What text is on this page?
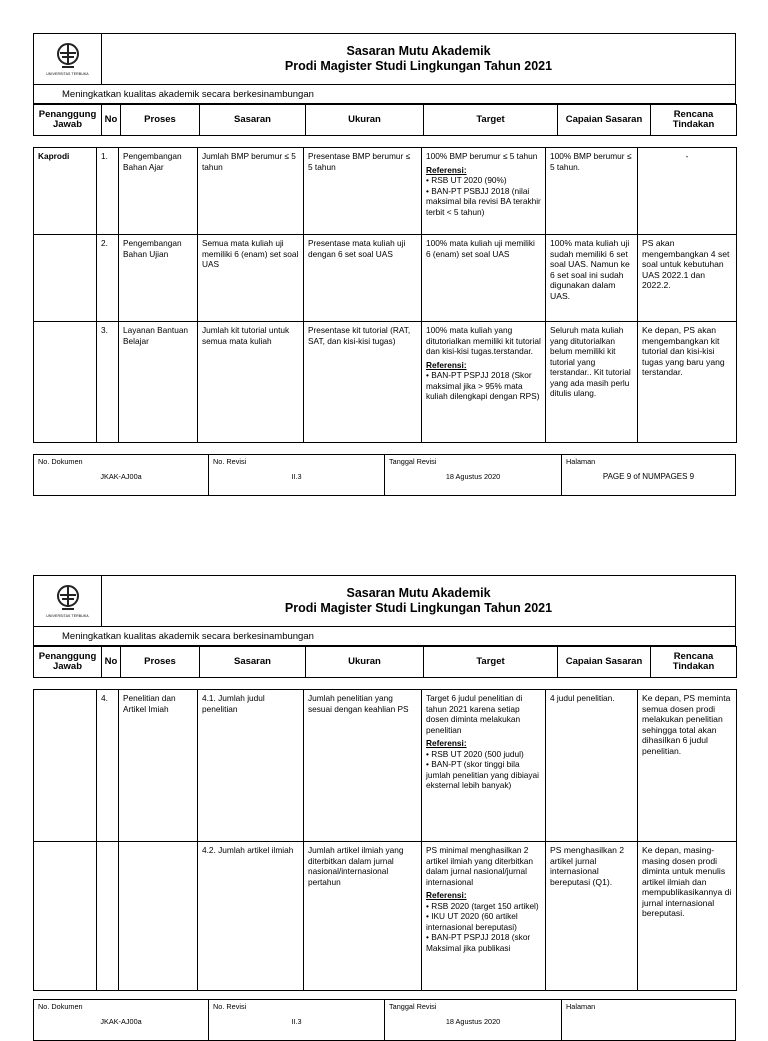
UNIVERSITAS TERBUKA

Sasaran Mutu Akademik
Prodi Magister Studi Lingkungan Tahun 2021

Meningkatkan kualitas akademik secara berkesinambungan
Penanggung Jawab	No	Proses	Sasaran	Ukuran	Target	Capaian Sasaran	Rencana Tindakan
Kaprodi	1.	Pengembangan Bahan Ajar	Jumlah BMP berumur ≤ 5 tahun	Presentase BMP berumur ≤ 5 tahun	100% BMP berumur ≤ 5 tahun
Referensi:
• RSB UT 2020 (90%)
• BAN-PT PSBJJ 2018 (nilai maksimal bila revisi BA terakhir terbit < 5 tahun)	100% BMP berumur ≤ 5 tahun.	-
	2.	Pengembangan Bahan Ujian	Semua mata kuliah uji memiliki 6 (enam) set soal UAS	Presentase mata kuliah uji dengan 6 set soal UAS	100% mata kuliah uji memiliki 6 (enam) set soal UAS	100% mata kuliah uji sudah memiliki 6 set soal UAS. Namun ke 6 set soal ini sudah digunakan dalam UAS.	PS akan mengembangkan 4 set soal untuk kebutuhan UAS 2022.1 dan 2022.2.
	3.	Layanan Bantuan Belajar	Jumlah kit tutorial untuk semua mata kuliah	Presentase kit tutorial (RAT, SAT, dan kisi-kisi tugas)	100% mata kuliah yang ditutorialkan memiliki kit tutorial dan kisi-kisi tugas.terstandar.
Referensi:
• BAN-PT PSPJJ 2018 (Skor maksimal jika > 95% mata kuliah dilengkapi dengan RPS)	Seluruh mata kuliah yang ditutorialkan belum memiliki kit tutorial yang terstandar.. Kit tutorial yang ada masih perlu ditulis ulang.	Ke depan, PS akan mengembangkan kit tutorial dan kisi-kisi tugas yang baru yang terstandar.
No. Dokumen
JKAK-AJ00a

No. Revisi
II.3

Tanggal Revisi
18 Agustus 2020

Halaman
PAGE 9 of NUMPAGES 9
UNIVERSITAS TERBUKA

Sasaran Mutu Akademik
Prodi Magister Studi Lingkungan Tahun 2021

Meningkatkan kualitas akademik secara berkesinambungan
Penanggung Jawab	No	Proses	Sasaran	Ukuran	Target	Capaian Sasaran	Rencana Tindakan
	4.	Penelitian dan Artikel Imiah	4.1. Jumlah judul penelitian	Jumlah penelitian yang sesuai dengan keahlian PS	Target 6 judul penelitian di tahun 2021 karena setiap dosen diminta melakukan penelitian
Referensi:
• RSB UT 2020 (500 judul)
• BAN-PT (skor tinggi bila jumlah penelitian yang dibiayai eksternal lebih banyak)	4 judul penelitian.	Ke depan, PS meminta semua dosen prodi melakukan penelitian sehingga total akan dihasilkan 6 judul penelitian.
			4.2. Jumlah artikel ilmiah	Jumlah artikel ilmiah yang diterbitkan dalam jurnal nasional/internasional pertahun	PS minimal menghasilkan 2 artikel ilmiah yang diterbitkan dalam jurnal nasional/jurnal internasional
Referensi:
• RSB 2020 (target 150 artikel)
• IKU UT 2020 (60 artikel internasional bereputasi)
• BAN-PT PSPJJ 2018 (skor Maksimal jika publikasi	PS menghasilkan 2 artikel jurnal internasional bereputasi (Q1).	Ke depan, masing-masing dosen prodi diminta untuk menulis artikel ilmiah dan mempublikasikannya di jurnal internasional bereputasi.
No. Dokumen
JKAK-AJ00a

No. Revisi
II.3

Tanggal Revisi
18 Agustus 2020

Halaman
